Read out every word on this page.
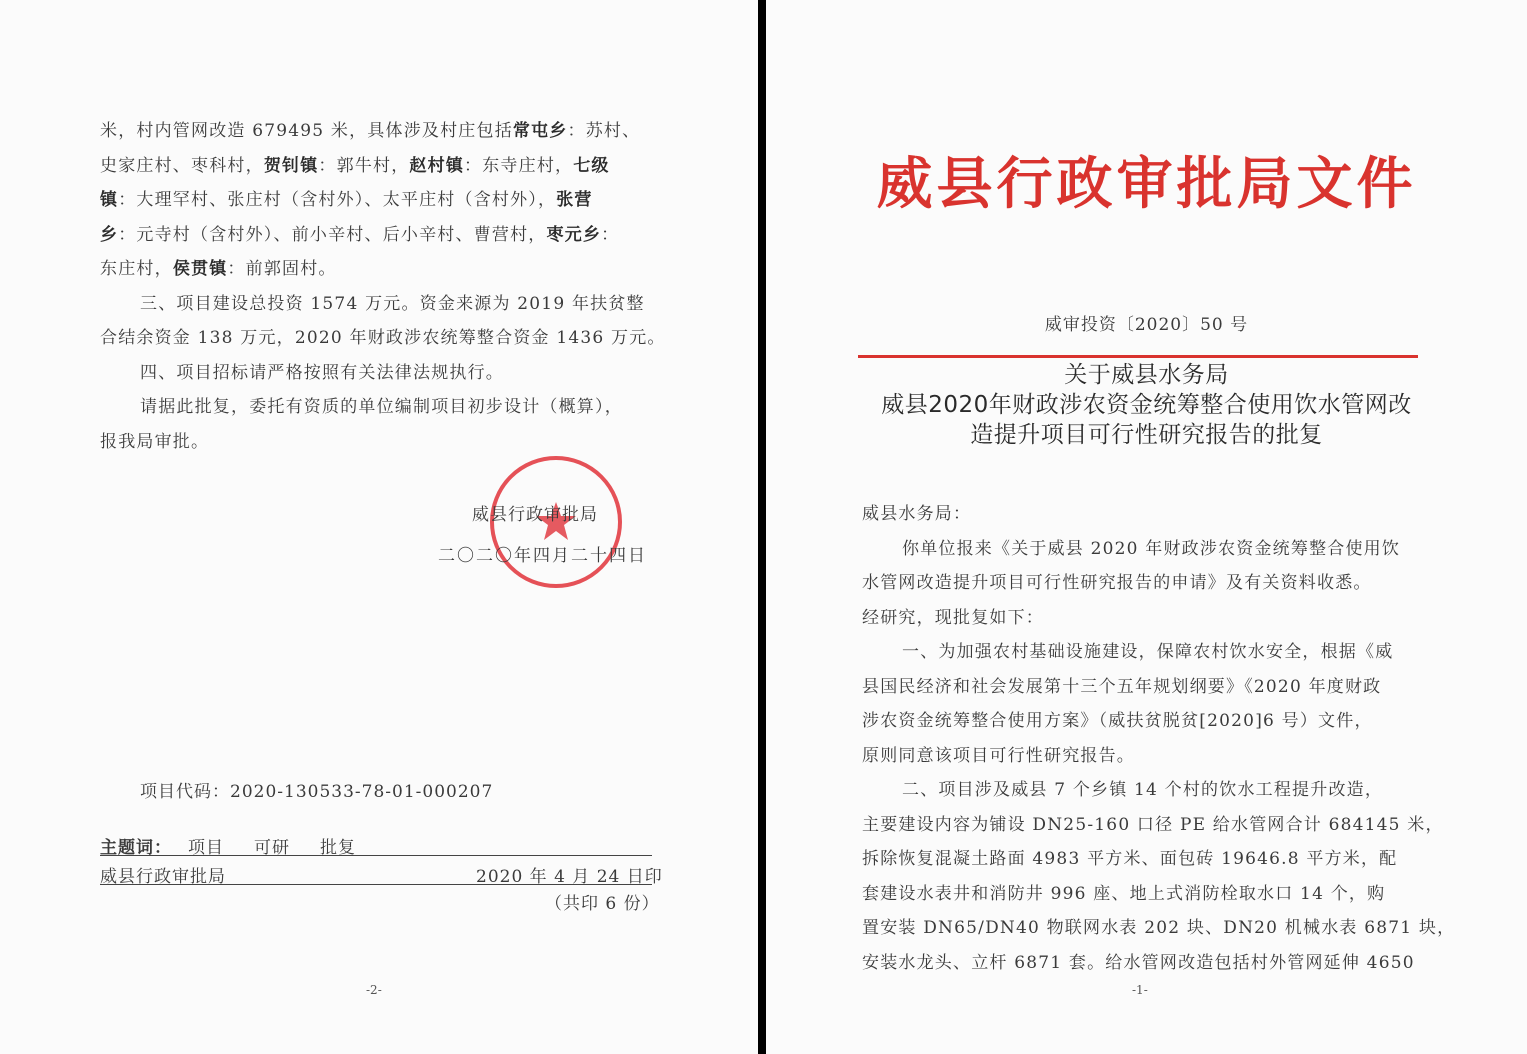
米，村内管网改造 679495 米，具体涉及村庄包括常屯乡：苏村、

史家庄村、枣科村，贺钊镇：郭牛村，赵村镇：东寺庄村，七级

镇：大理罕村、张庄村（含村外）、太平庄村（含村外），张营

乡：元寺村（含村外）、前小辛村、后小辛村、曹营村，枣元乡：

东庄村，侯贯镇：前郭固村。

三、项目建设总投资 1574 万元。资金来源为 2019 年扶贫整

合结余资金 138 万元，2020 年财政涉农统筹整合资金 1436 万元。

四、项目招标请严格按照有关法律法规执行。

请据此批复，委托有资质的单位编制项目初步设计（概算），

报我局审批。

威县行政审批局
二〇二〇年四月二十四日
项目代码：2020-130533-78-01-000207
主题词： 项目 可研 批复
威县行政审批局	2020 年 4 月 24 日印
（共印 6 份）
-2-
威县行政审批局文件
威审投资〔2020〕50 号
关于威县水务局
威县2020年财政涉农资金统筹整合使用饮水管网改
造提升项目可行性研究报告的批复

威县水务局：

你单位报来《关于威县 2020 年财政涉农资金统筹整合使用饮

水管网改造提升项目可行性研究报告的申请》及有关资料收悉。

经研究，现批复如下：

一、为加强农村基础设施建设，保障农村饮水安全，根据《威

县国民经济和社会发展第十三个五年规划纲要》《2020 年度财政

涉农资金统筹整合使用方案》（威扶贫脱贫[2020]6 号）文件，

原则同意该项目可行性研究报告。

二、项目涉及威县 7 个乡镇 14 个村的饮水工程提升改造，

主要建设内容为铺设 DN25-160 口径 PE 给水管网合计 684145 米，

拆除恢复混凝土路面 4983 平方米、面包砖 19646.8 平方米，配

套建设水表井和消防井 996 座、地上式消防栓取水口 14 个，购

置安装 DN65/DN40 物联网水表 202 块、DN20 机械水表 6871 块，

安装水龙头、立杆 6871 套。给水管网改造包括村外管网延伸 4650

-1-
